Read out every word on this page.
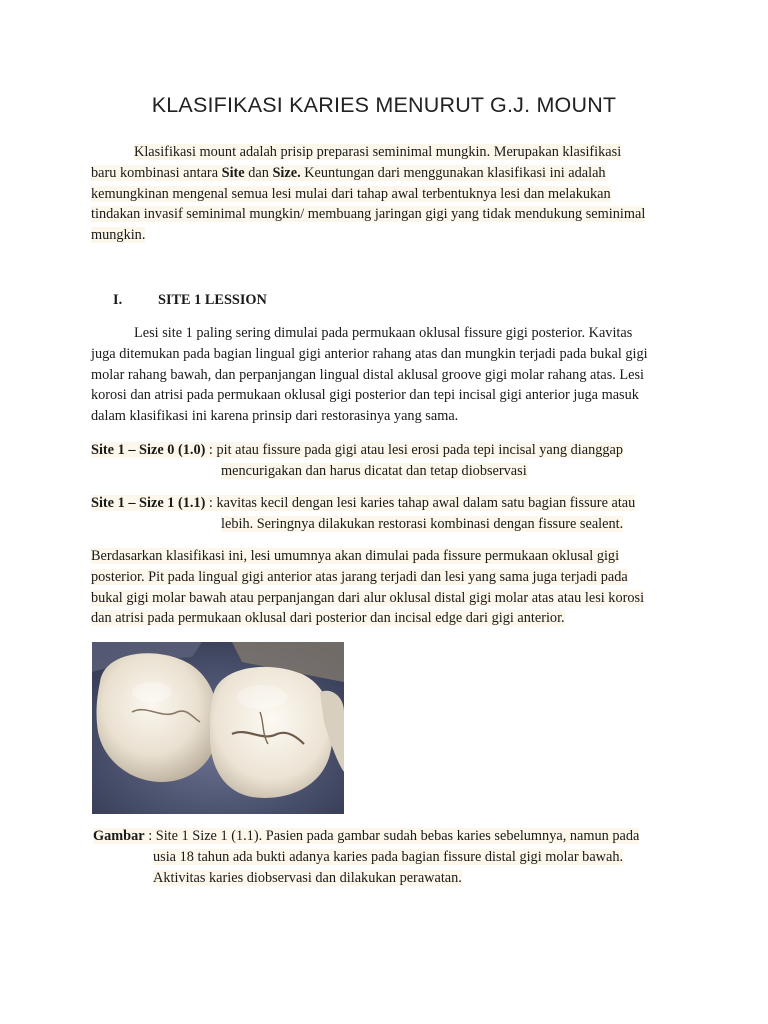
KLASIFIKASI KARIES MENURUT G.J. MOUNT
Klasifikasi mount adalah prisip preparasi seminimal mungkin. Merupakan klasifikasi
baru kombinasi antara Site dan Size. Keuntungan dari menggunakan klasifikasi ini adalah
kemungkinan mengenal semua lesi mulai dari tahap awal terbentuknya lesi dan melakukan
tindakan invasif seminimal mungkin/ membuang jaringan gigi yang tidak mendukung seminimal
mungkin.
I.	SITE 1 LESSION
Lesi site 1 paling sering dimulai pada permukaan oklusal fissure gigi posterior. Kavitas
juga ditemukan pada bagian lingual gigi anterior rahang atas dan mungkin terjadi pada bukal gigi
molar rahang bawah, dan perpanjangan lingual distal aklusal groove gigi molar rahang atas. Lesi
korosi dan atrisi pada permukaan oklusal gigi posterior dan tepi incisal gigi anterior juga masuk
dalam klasifikasi ini karena prinsip dari restorasinya yang sama.
Site 1 – Size 0 (1.0) : pit atau fissure pada gigi atau lesi erosi pada tepi incisal yang dianggap
mencurigakan dan harus dicatat dan tetap diobservasi
Site 1 – Size 1 (1.1) : kavitas kecil dengan lesi karies tahap awal dalam satu bagian fissure atau
lebih. Seringnya dilakukan restorasi kombinasi dengan fissure sealent.
Berdasarkan klasifikasi ini, lesi umumnya akan dimulai pada fissure permukaan oklusal gigi
posterior. Pit pada lingual gigi anterior atas jarang terjadi dan lesi yang sama juga terjadi pada
bukal gigi molar bawah atau perpanjangan dari alur oklusal distal gigi molar atas atau lesi korosi
dan atrisi pada permukaan oklusal dari posterior dan incisal edge dari gigi anterior.
Gambar : Site 1 Size 1 (1.1). Pasien pada gambar sudah bebas karies sebelumnya, namun pada
usia 18 tahun ada bukti adanya karies pada bagian fissure distal gigi molar bawah.
Aktivitas karies diobservasi dan dilakukan perawatan.
